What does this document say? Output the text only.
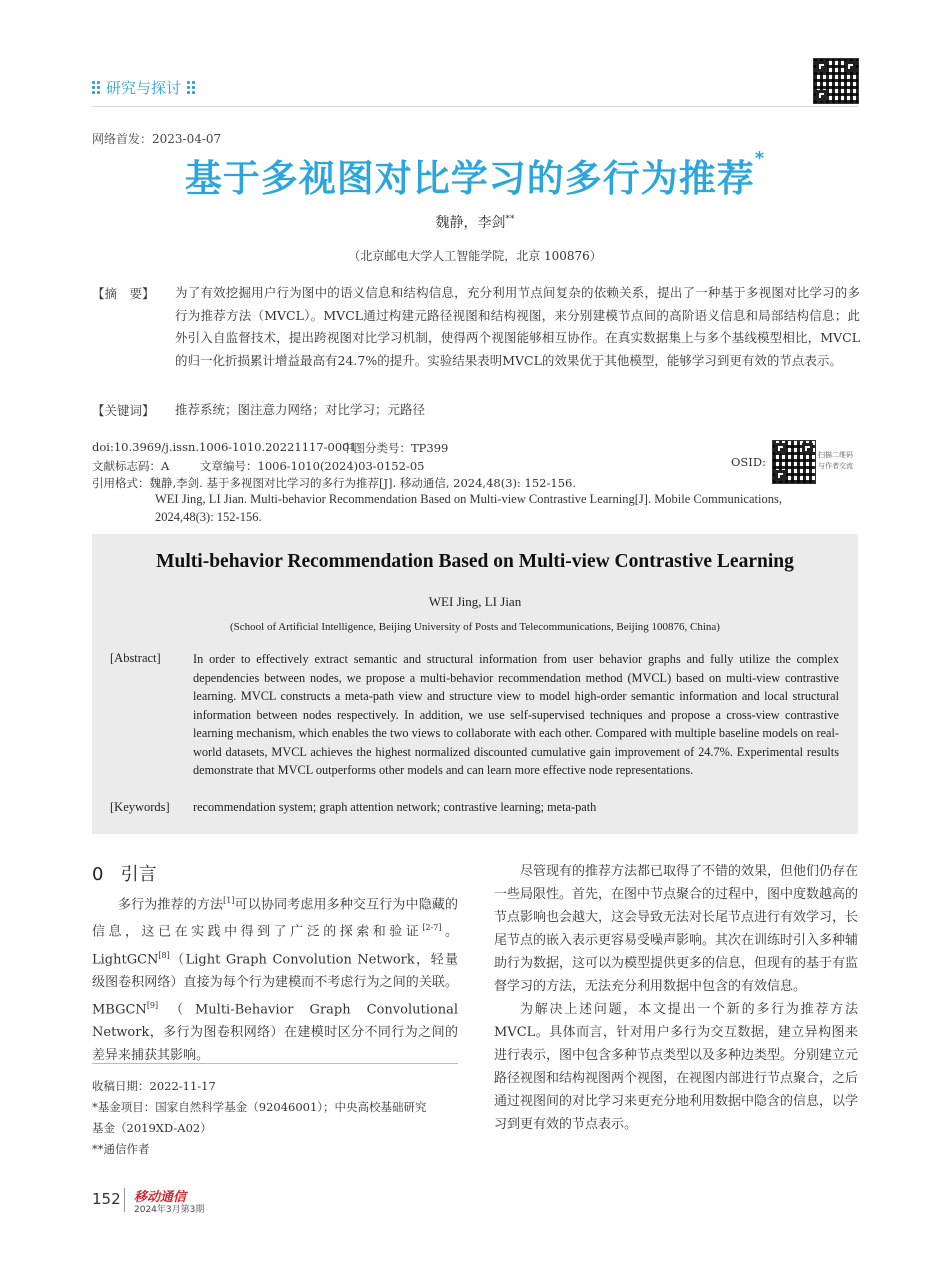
研究与探讨
网络首发：2023-04-07
基于多视图对比学习的多行为推荐*
魏静，李剑**
（北京邮电大学人工智能学院，北京 100876）
【摘　要】 为了有效挖掘用户行为图中的语义信息和结构信息，充分利用节点间复杂的依赖关系，提出了一种基于多视图对比学习的多行为推荐方法（MVCL）。MVCL通过构建元路径视图和结构视图，来分别建模节点间的高阶语义信息和局部结构信息；此外引入自监督技术，提出跨视图对比学习机制，使得两个视图能够相互协作。在真实数据集上与多个基线模型相比，MVCL的归一化折损累计增益最高有24.7%的提升。实验结果表明MVCL的效果优于其他模型，能够学习到更有效的节点表示。
【关键词】 推荐系统；图注意力网络；对比学习；元路径
doi:10.3969/j.issn.1006-1010.20221117-0001
中图分类号：TP399
文献标志码：A	文章编号：1006-1010(2024)03-0152-05
引用格式：魏静,李剑. 基于多视图对比学习的多行为推荐[J]. 移动通信, 2024,48(3): 152-156.
WEI Jing, LI Jian. Multi-behavior Recommendation Based on Multi-view Contrastive Learning[J]. Mobile Communications,
2024,48(3): 152-156.
OSID:	扫描二维码
与作者交流
Multi-behavior Recommendation Based on Multi-view Contrastive Learning
WEI Jing, LI Jian
(School of Artificial Intelligence, Beijing University of Posts and Telecommunications, Beijing 100876, China)
[Abstract]	In order to effectively extract semantic and structural information from user behavior graphs and fully utilize the complex dependencies between nodes, we propose a multi-behavior recommendation method (MVCL) based on multi-view contrastive learning. MVCL constructs a meta-path view and structure view to model high-order semantic information and local structural information between nodes respectively. In addition, we use self-supervised techniques and propose a cross-view contrastive learning mechanism, which enables the two views to collaborate with each other. Compared with multiple baseline models on real-world datasets, MVCL achieves the highest normalized discounted cumulative gain improvement of 24.7%. Experimental results demonstrate that MVCL outperforms other models and can learn more effective node representations.
[Keywords] recommendation system; graph attention network; contrastive learning; meta-path
0 引言

多行为推荐的方法[1]可以协同考虑用多种交互行为中隐藏的信息，这已在实践中得到了广泛的探索和验证[2-7]。LightGCN[8]（Light Graph Convolution Network，轻量级图卷积网络）直接为每个行为建模而不考虑行为之间的关联。MBGCN[9]（Multi-Behavior Graph Convolutional Network，多行为图卷积网络）在建模时区分不同行为之间的差异来捕获其影响。

收稿日期：2022-11-17
*基金项目：国家自然科学基金（92046001）；中央高校基础研究
基金（2019XD-A02）
**通信作者

尽管现有的推荐方法都已取得了不错的效果，但他们仍存在一些局限性。首先，在图中节点聚合的过程中，图中度数越高的节点影响也会越大，这会导致无法对长尾节点进行有效学习，长尾节点的嵌入表示更容易受噪声影响。其次在训练时引入多种辅助行为数据，这可以为模型提供更多的信息，但现有的基于有监督学习的方法，无法充分利用数据中包含的有效信息。

为解决上述问题，本文提出一个新的多行为推荐方法MVCL。具体而言，针对用户多行为交互数据，建立异构图来进行表示，图中包含多种节点类型以及多种边类型。分别建立元路径视图和结构视图两个视图，在视图内部进行节点聚合，之后通过视图间的对比学习来更充分地利用数据中隐含的信息，以学习到更有效的节点表示。

152 移动通信
2024年3月第3期
